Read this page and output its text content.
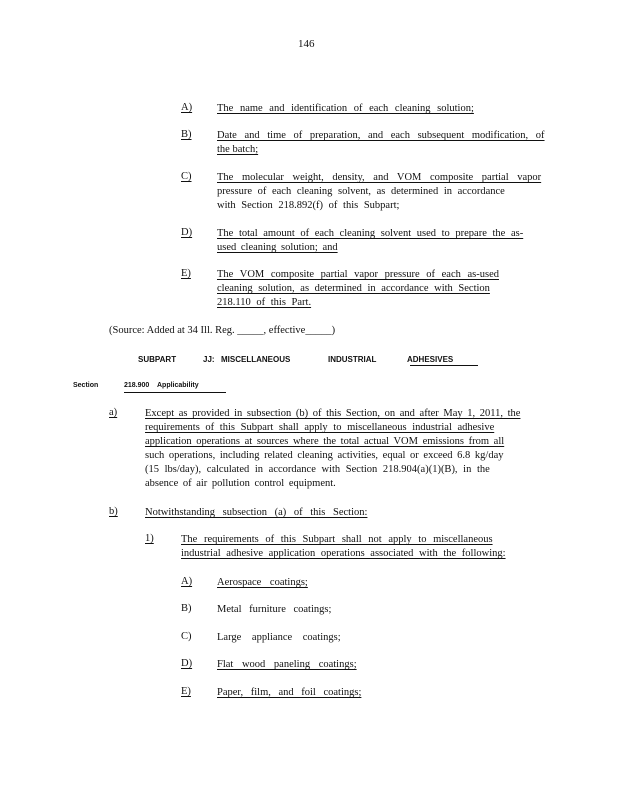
146
A) The name and identification of each cleaning solution;
B) Date and time of preparation, and each subsequent modification, of
the batch;
C) The molecular weight, density, and VOM composite partial vapor
pressure of each cleaning solvent, as determined in accordance
with Section 218.892(f) of this Subpart;
D) The total amount of each cleaning solvent used to prepare the as-
used cleaning solution; and
E) The VOM composite partial vapor pressure of each as-used
cleaning solution, as determined in accordance with Section
218.110 of this Part.
(Source: Added at 34 Ill. Reg. _____, effective_____)
SUBPART	JJ: MISCELLANEOUS	INDUSTRIAL	ADHESIVES
Section	218.900 Applicability
a)	Except as provided in subsection (b) of this Section, on and after May 1, 2011, the
requirements of this Subpart shall apply to miscellaneous industrial adhesive
application operations at sources where the total actual VOM emissions from all
such operations, including related cleaning activities, equal or exceed 6.8 kg/day
(15 lbs/day), calculated in accordance with Section 218.904(a)(1)(B), in the
absence of air pollution control equipment.
b)	Notwithstanding subsection (a) of this Section:
1)	The requirements of this Subpart shall not apply to miscellaneous
industrial adhesive application operations associated with the following:
A) Aerospace coatings;
B) Metal furniture coatings;
C) Large appliance coatings;
D) Flat wood paneling coatings;
E) Paper, film, and foil coatings;
